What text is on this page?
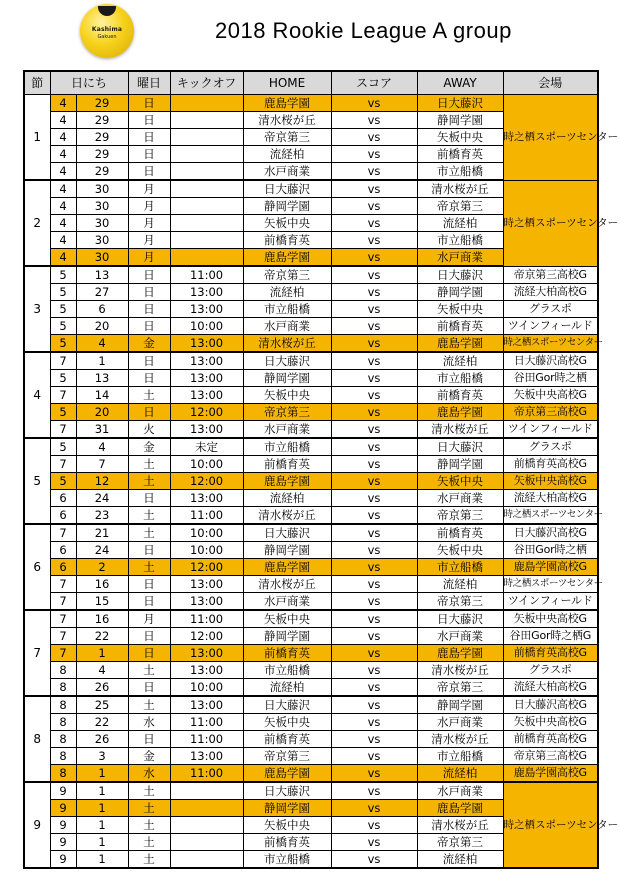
Kashima
Gakuen	2018 Rookie League A group
節	日にち		曜日	キックオフ	HOME	スコア	AWAY	会場
1	4	29	日		鹿島学園	vs	日大藤沢	時之栖スポーツセンター
	4	29	日		清水桜が丘	vs	静岡学園	
	4	29	日		帝京第三	vs	矢板中央	
	4	29	日		流経柏	vs	前橋育英	
	4	29	日		水戸商業	vs	市立船橋	
2	4	30	月		日大藤沢	vs	清水桜が丘	時之栖スポーツセンター
	4	30	月		静岡学園	vs	帝京第三	
	4	30	月		矢板中央	vs	流経柏	
	4	30	月		前橋育英	vs	市立船橋	
	4	30	月		鹿島学園	vs	水戸商業	
3	5	13	日	11:00	帝京第三	vs	日大藤沢	帝京第三高校G
	5	27	日	13:00	流経柏	vs	静岡学園	流経大柏高校G
	5	6	日	13:00	市立船橋	vs	矢板中央	グラスポ
	5	20	日	10:00	水戸商業	vs	前橋育英	ツインフィールド
	5	4	金	13:00	清水桜が丘	vs	鹿島学園	時之栖スポーツセンター
4	7	1	日	13:00	日大藤沢	vs	流経柏	日大藤沢高校G
	5	13	日	13:00	静岡学園	vs	市立船橋	谷田Gor時之栖
	7	14	土	13:00	矢板中央	vs	前橋育英	矢板中央高校G
	5	20	日	12:00	帝京第三	vs	鹿島学園	帝京第三高校G
	7	31	火	13:00	水戸商業	vs	清水桜が丘	ツインフィールド
5	5	4	金	未定	市立船橋	vs	日大藤沢	グラスポ
	7	7	土	10:00	前橋育英	vs	静岡学園	前橋育英高校G
	5	12	土	12:00	鹿島学園	vs	矢板中央	矢板中央高校G
	6	24	日	13:00	流経柏	vs	水戸商業	流経大柏高校G
	6	23	土	11:00	清水桜が丘	vs	帝京第三	時之栖スポーツセンター
6	7	21	土	10:00	日大藤沢	vs	前橋育英	日大藤沢高校G
	6	24	日	10:00	静岡学園	vs	矢板中央	谷田Gor時之栖
	6	2	土	12:00	鹿島学園	vs	市立船橋	鹿島学園高校G
	7	16	日	13:00	清水桜が丘	vs	流経柏	時之栖スポーツセンター
	7	15	日	13:00	水戸商業	vs	帝京第三	ツインフィールド
7	7	16	月	11:00	矢板中央	vs	日大藤沢	矢板中央高校G
	7	22	日	12:00	静岡学園	vs	水戸商業	谷田Gor時之栖G
	7	1	日	13:00	前橋育英	vs	鹿島学園	前橋育英高校G
	8	4	土	13:00	市立船橋	vs	清水桜が丘	グラスポ
	8	26	日	10:00	流経柏	vs	帝京第三	流経大柏高校G
8	8	25	土	13:00	日大藤沢	vs	静岡学園	日大藤沢高校G
	8	22	水	11:00	矢板中央	vs	水戸商業	矢板中央高校G
	8	26	日	11:00	前橋育英	vs	清水桜が丘	前橋育英高校G
	8	3	金	13:00	帝京第三	vs	市立船橋	帝京第三高校G
	8	1	水	11:00	鹿島学園	vs	流経柏	鹿島学園高校G
9	9	1	土		日大藤沢	vs	水戸商業	時之栖スポーツセンター
	9	1	土		静岡学園	vs	鹿島学園	
	9	1	土		矢板中央	vs	清水桜が丘	
	9	1	土		前橋育英	vs	帝京第三	
	9	1	土		市立船橋	vs	流経柏	
